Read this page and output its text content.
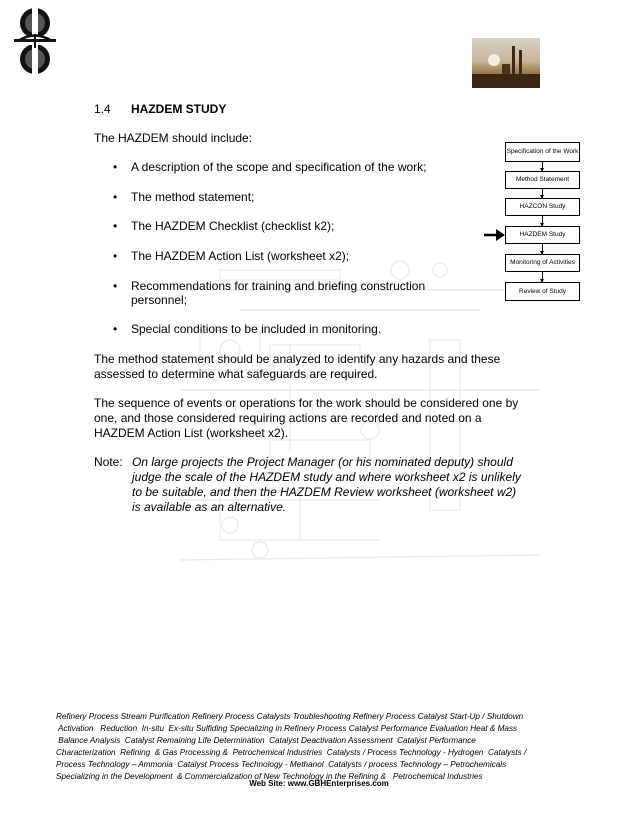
1.4 HAZDEM STUDY
The HAZDEM should include:
• A description of the scope and specification of the work;
• The method statement;
• The HAZDEM Checklist (checklist k2);
• The HAZDEM Action List (worksheet x2);
• Recommendations for training and briefing construction
personnel;
• Special conditions to be included in monitoring.
The method statement should be analyzed to identify any hazards and these
assessed to determine what safeguards are required.
The sequence of events or operations for the work should be considered one by
one, and those considered requiring actions are recorded and noted on a
HAZDEM Action List (worksheet x2).
Note: On large projects the Project Manager (or his nominated deputy) should
judge the scale of the HAZDEM study and where worksheet x2 is unlikely
to be suitable, and then the HAZDEM Review worksheet (worksheet w2)
is available as an alternative.
Specification of the Work
Method Statement
HAZCON Study
HAZDEM Study
Monitoring of Activities
Review of Study
Refinery Process Stream Purification Refinery Process Catalysts Troubleshooting Refinery Process Catalyst Start-Up / Shutdown
Activation   Reduction  In-situ  Ex-situ Sulfiding Specializing in Refinery Process Catalyst Performance Evaluation Heat & Mass
Balance Analysis  Catalyst Remaining Life Determination  Catalyst Deactivation Assessment  Catalyst Performance
Characterization  Refining  & Gas Processing &  Petrochemical Industries  Catalysts / Process Technology - Hydrogen  Catalysts /
Process Technology – Ammonia  Catalyst Process Technology - Methanol  Catalysts / process Technology – Petrochemicals
Specializing in the Development  & Commercialization of New Technology in the Refining &   Petrochemical Industries
Web Site: www.GBHEnterprises.com
